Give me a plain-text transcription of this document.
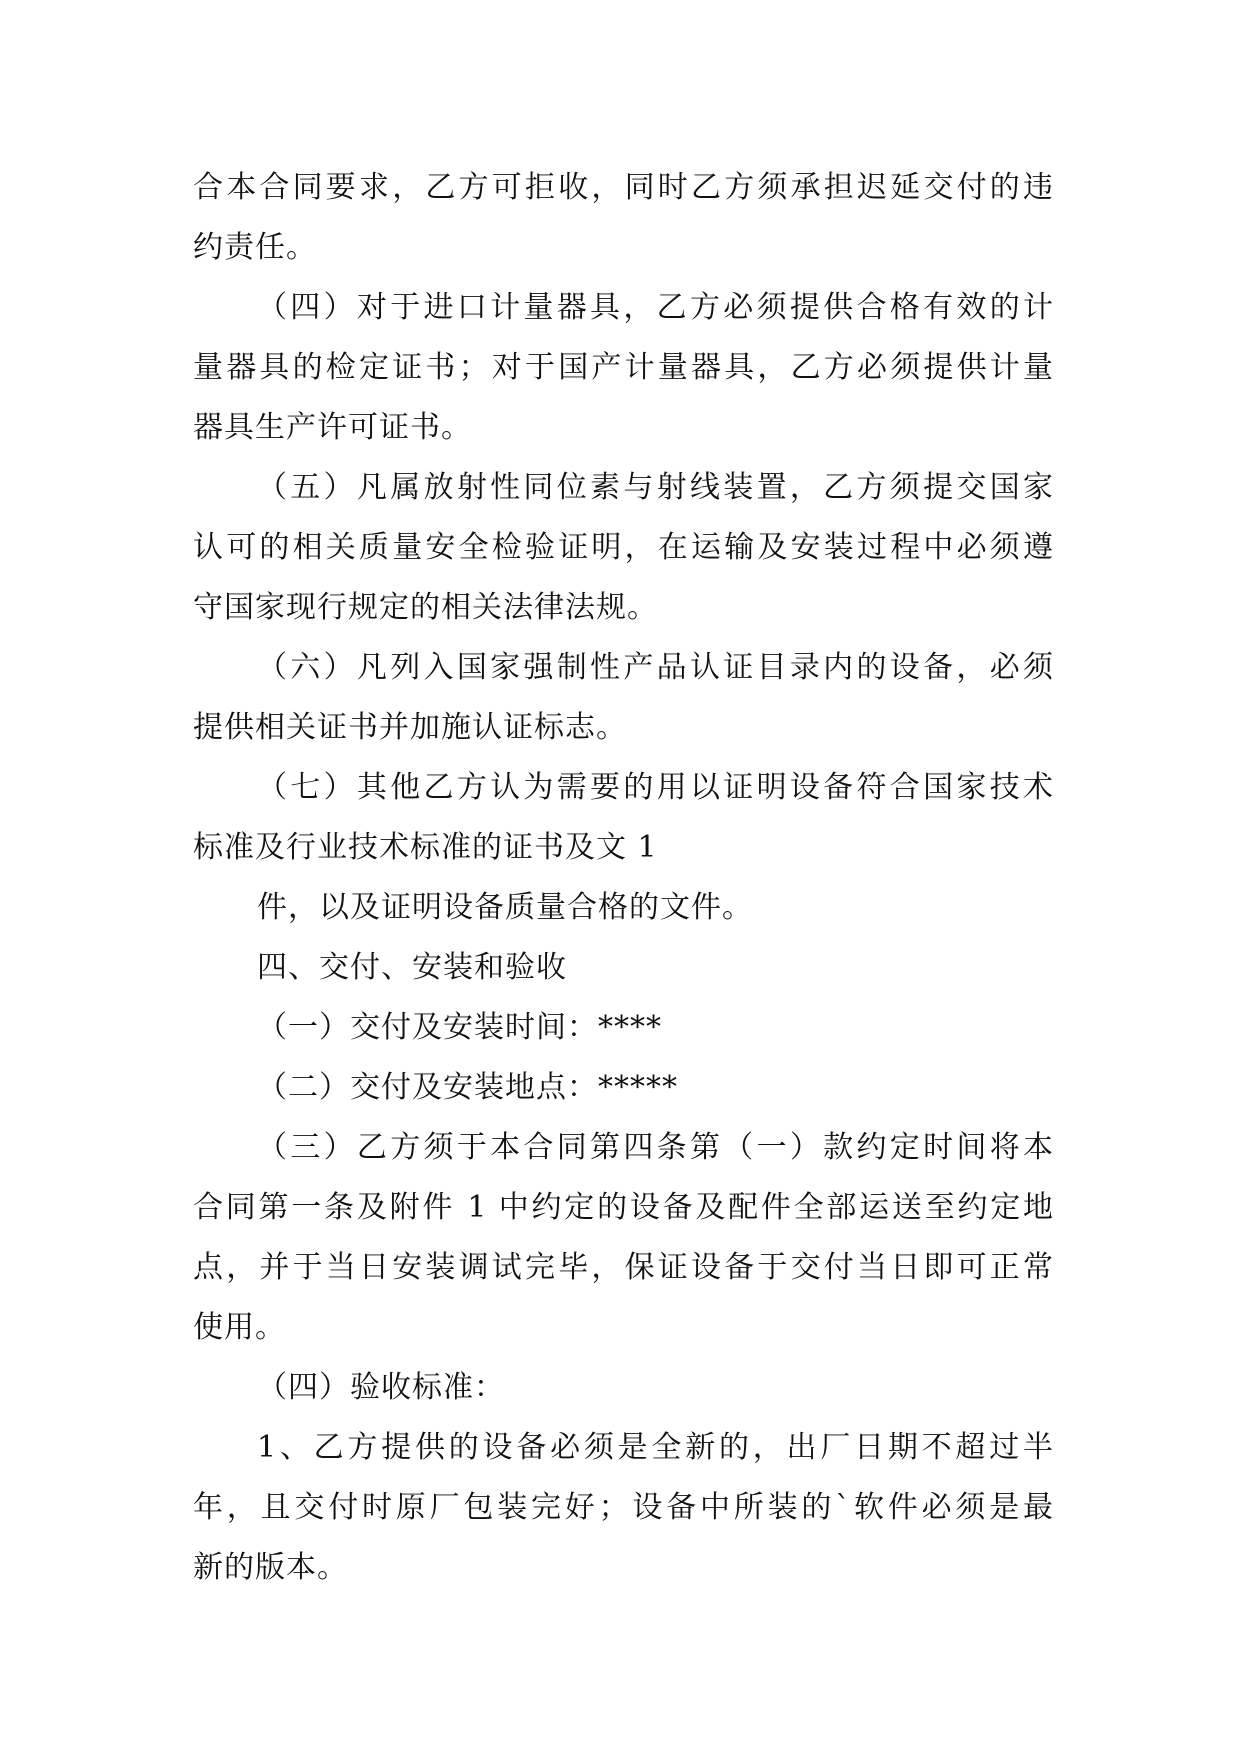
合本合同要求，乙方可拒收，同时乙方须承担迟延交付的违
约责任。
（四）对于进口计量器具，乙方必须提供合格有效的计
量器具的检定证书；对于国产计量器具，乙方必须提供计量
器具生产许可证书。
（五）凡属放射性同位素与射线装置，乙方须提交国家
认可的相关质量安全检验证明，在运输及安装过程中必须遵
守国家现行规定的相关法律法规。
（六）凡列入国家强制性产品认证目录内的设备，必须
提供相关证书并加施认证标志。
（七）其他乙方认为需要的用以证明设备符合国家技术
标准及行业技术标准的证书及文 1
件，以及证明设备质量合格的文件。
四、交付、安装和验收
（一）交付及安装时间：****
（二）交付及安装地点：*****
（三）乙方须于本合同第四条第（一）款约定时间将本
合同第一条及附件 1 中约定的设备及配件全部运送至约定地
点，并于当日安装调试完毕，保证设备于交付当日即可正常
使用。
（四）验收标准：
1、乙方提供的设备必须是全新的，出厂日期不超过半
年，且交付时原厂包装完好；设备中所装的`软件必须是最
新的版本。
